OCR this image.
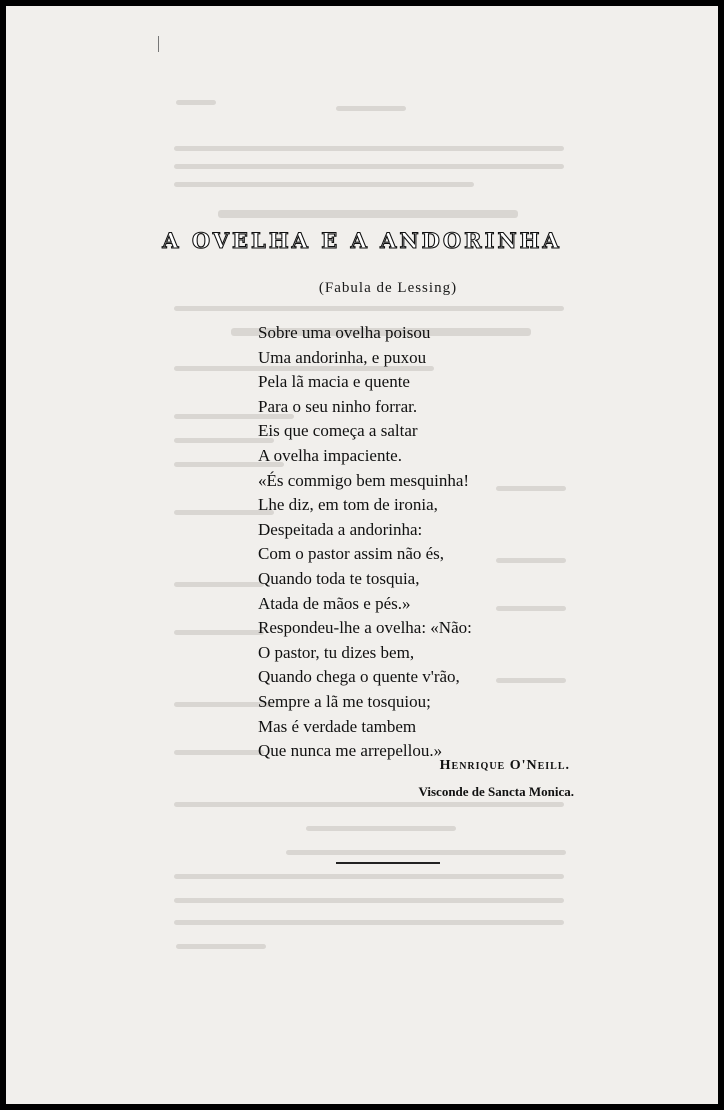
A OVELHA E A ANDORINHA
(Fabula de Lessing)
Sobre uma ovelha poisou
Uma andorinha, e puxou
Pela lã macia e quente
Para o seu ninho forrar.
Eis que começa a saltar
A ovelha impaciente.
«És commigo bem mesquinha!
Lhe diz, em tom de ironia,
Despeitada a andorinha:
Com o pastor assim não és,
Quando toda te tosquia,
Atada de mãos e pés.»
Respondeu-lhe a ovelha: «Não:
O pastor, tu dizes bem,
Quando chega o quente v'rão,
Sempre a lã me tosquiou;
Mas é verdade tambem
Que nunca me arrepellou.»
Henrique O'Neill.
Visconde de Sancta Monica.
